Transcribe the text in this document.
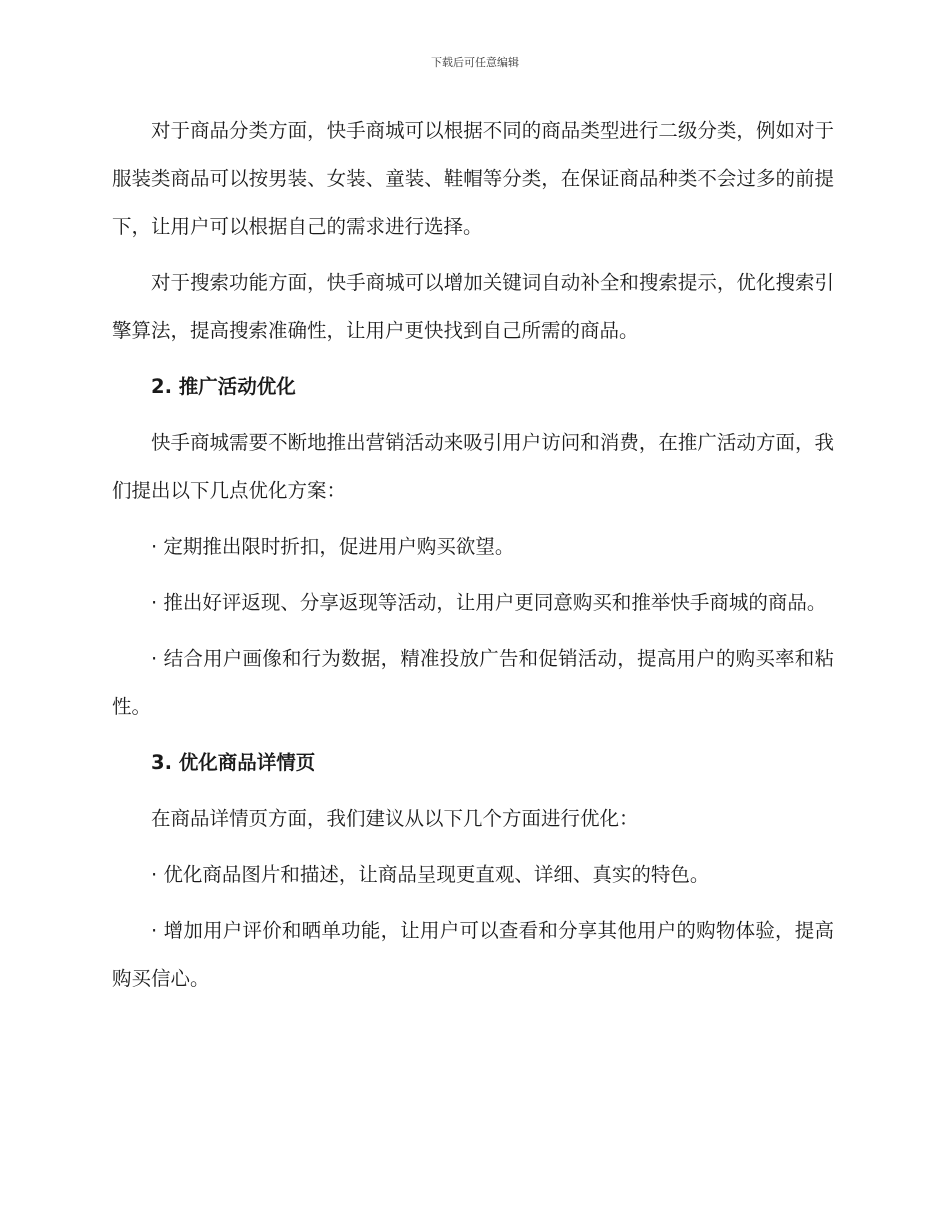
下载后可任意编辑

对于商品分类方面，快手商城可以根据不同的商品类型进行二级分类，例如对于服装类商品可以按男装、女装、童装、鞋帽等分类，在保证商品种类不会过多的前提下，让用户可以根据自己的需求进行选择。

对于搜索功能方面，快手商城可以增加关键词自动补全和搜索提示，优化搜索引擎算法，提高搜索准确性，让用户更快找到自己所需的商品。

2. 推广活动优化

快手商城需要不断地推出营销活动来吸引用户访问和消费，在推广活动方面，我们提出以下几点优化方案：

· 定期推出限时折扣，促进用户购买欲望。

· 推出好评返现、分享返现等活动，让用户更同意购买和推举快手商城的商品。

· 结合用户画像和行为数据，精准投放广告和促销活动，提高用户的购买率和粘性。

3. 优化商品详情页

在商品详情页方面，我们建议从以下几个方面进行优化：

· 优化商品图片和描述，让商品呈现更直观、详细、真实的特色。

· 增加用户评价和晒单功能，让用户可以查看和分享其他用户的购物体验，提高购买信心。
